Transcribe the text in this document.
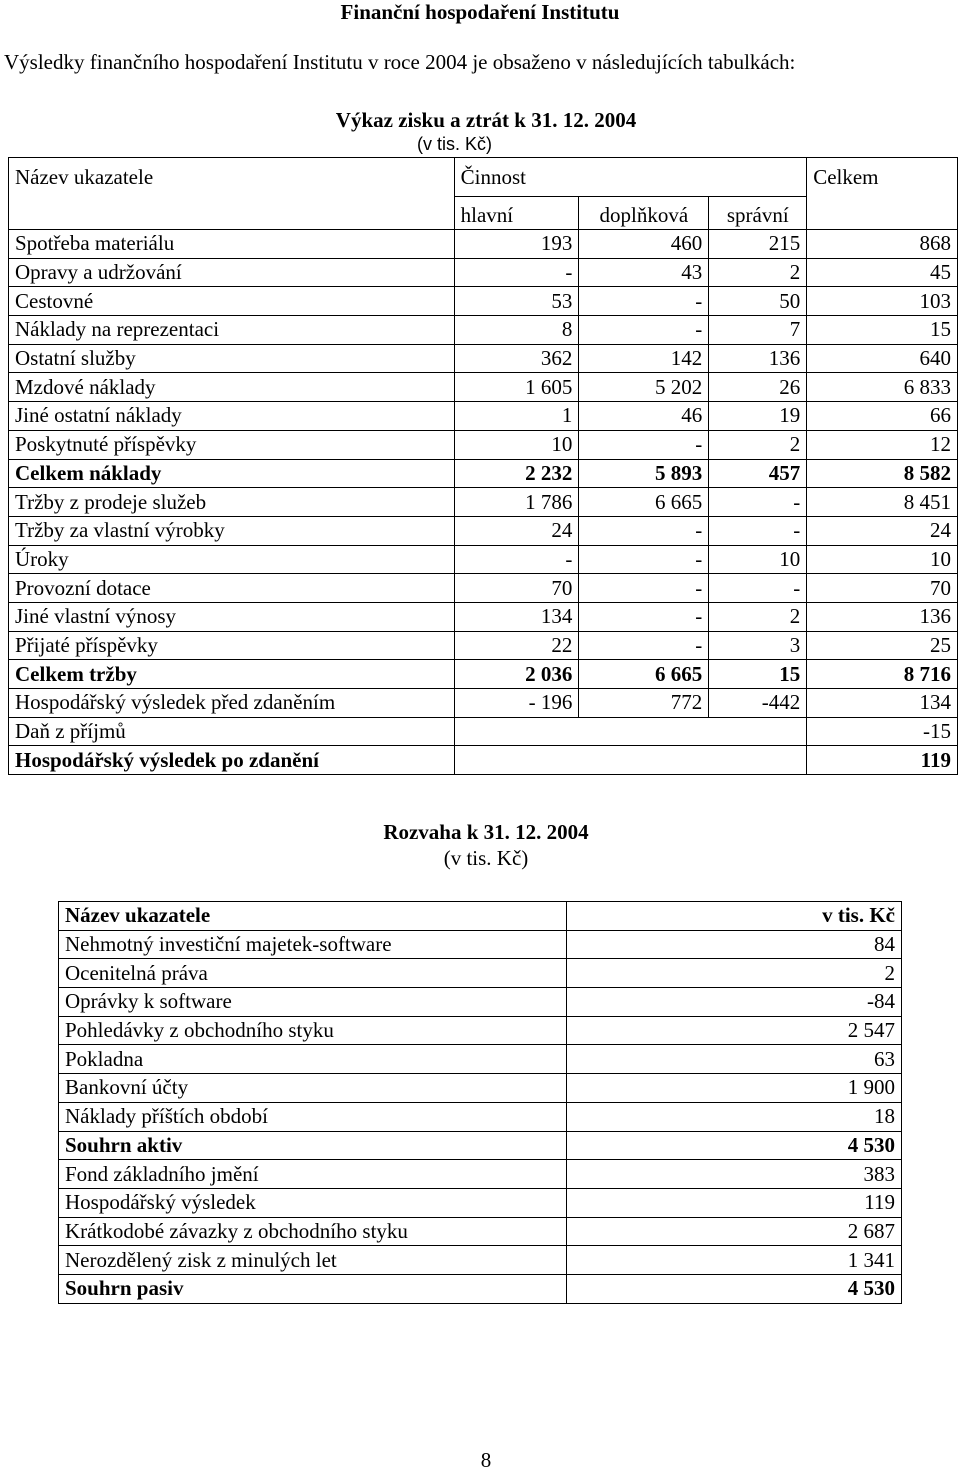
Finanční hospodaření Institutu
Výsledky finančního hospodaření Institutu v roce 2004 je obsaženo v následujících tabulkách:
Výkaz zisku a ztrát k 31. 12. 2004
(v tis. Kč)
Název ukazatele	Činnost			Celkem
	hlavní	doplňková	správní	
Spotřeba materiálu	193	460	215	868
Opravy a udržování	-	43	2	45
Cestovné	53	-	50	103
Náklady na reprezentaci	8	-	7	15
Ostatní služby	362	142	136	640
Mzdové náklady	1 605	5 202	26	6 833
Jiné ostatní náklady	1	46	19	66
Poskytnuté příspěvky	10	-	2	12
Celkem náklady	2 232	5 893	457	8 582
Tržby z prodeje služeb	1 786	6 665	-	8 451
Tržby za vlastní výrobky	24	-	-	24
Úroky	-	-	10	10
Provozní dotace	70	-	-	70
Jiné vlastní výnosy	134	-	2	136
Přijaté příspěvky	22	-	3	25
Celkem tržby	2 036	6 665	15	8 716
Hospodářský výsledek před zdaněním	- 196	772	-442	134
Daň z příjmů				-15
Hospodářský výsledek po zdanění				119
Rozvaha k 31. 12. 2004
(v tis. Kč)
Název ukazatele	v tis. Kč
Nehmotný investiční majetek-software	84
Ocenitelná práva	2
Oprávky k software	-84
Pohledávky z obchodního styku	2 547
Pokladna	63
Bankovní účty	1 900
Náklady příštích období	18
Souhrn aktiv	4 530
Fond základního jmění	383
Hospodářský výsledek	119
Krátkodobé závazky z obchodního styku	2 687
Nerozdělený zisk z minulých let	1 341
Souhrn pasiv	4 530
8
